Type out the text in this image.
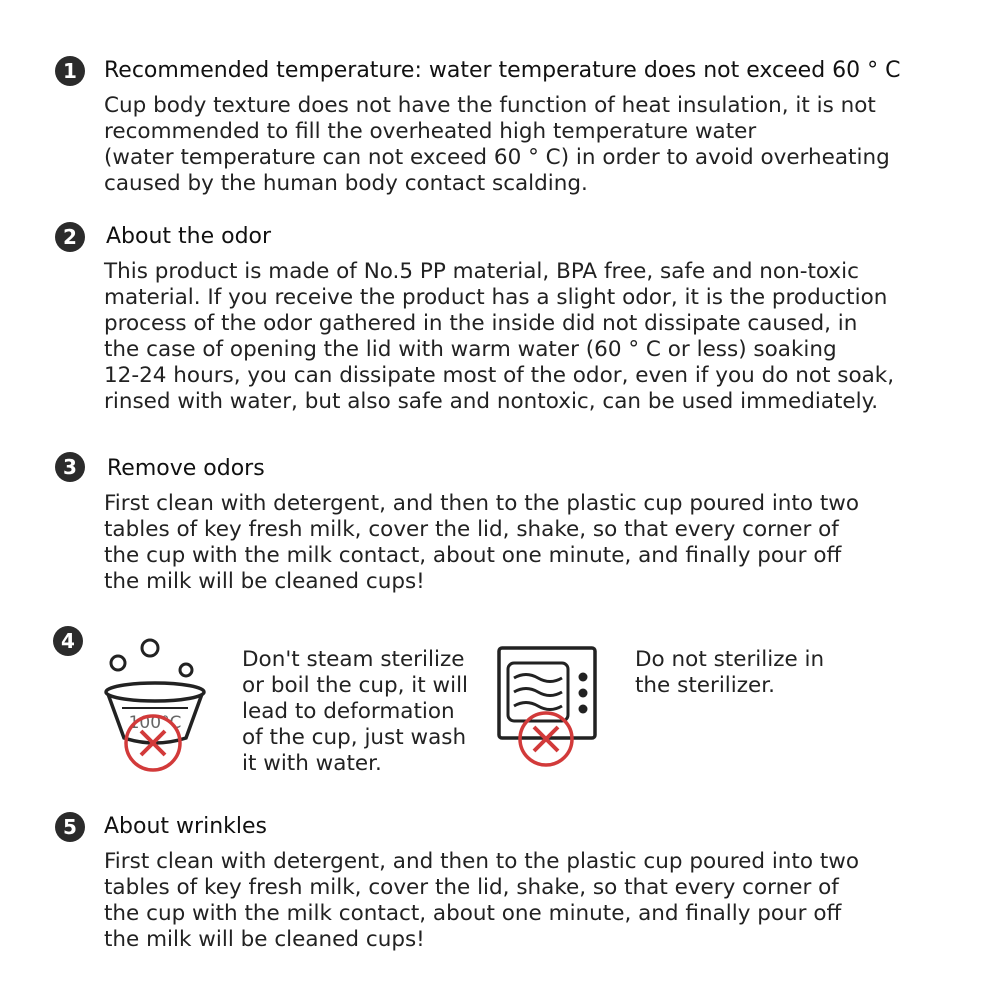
1	Recommended temperature: water temperature does not exceed 60 ° C
Cup body texture does not have the function of heat insulation, it is not
recommended to fill the overheated high temperature water
(water temperature can not exceed 60 ° C) in order to avoid overheating
caused by the human body contact scalding.
2	About the odor
This product is made of No.5 PP material, BPA free, safe and non-toxic
material. If you receive the product has a slight odor, it is the production
process of the odor gathered in the inside did not dissipate caused, in
the case of opening the lid with warm water (60 ° C or less) soaking
12-24 hours, you can dissipate most of the odor, even if you do not soak,
rinsed with water, but also safe and nontoxic, can be used immediately.
3	Remove odors
First clean with detergent, and then to the plastic cup poured into two
tables of key fresh milk, cover the lid, shake, so that every corner of
the cup with the milk contact, about one minute, and finally pour off
the milk will be cleaned cups!
4
100°C
Don't steam sterilize
or boil the cup, it will
lead to deformation
of the cup, just wash
it with water.
Do not sterilize in
the sterilizer.
5	About wrinkles
First clean with detergent, and then to the plastic cup poured into two
tables of key fresh milk, cover the lid, shake, so that every corner of
the cup with the milk contact, about one minute, and finally pour off
the milk will be cleaned cups!
